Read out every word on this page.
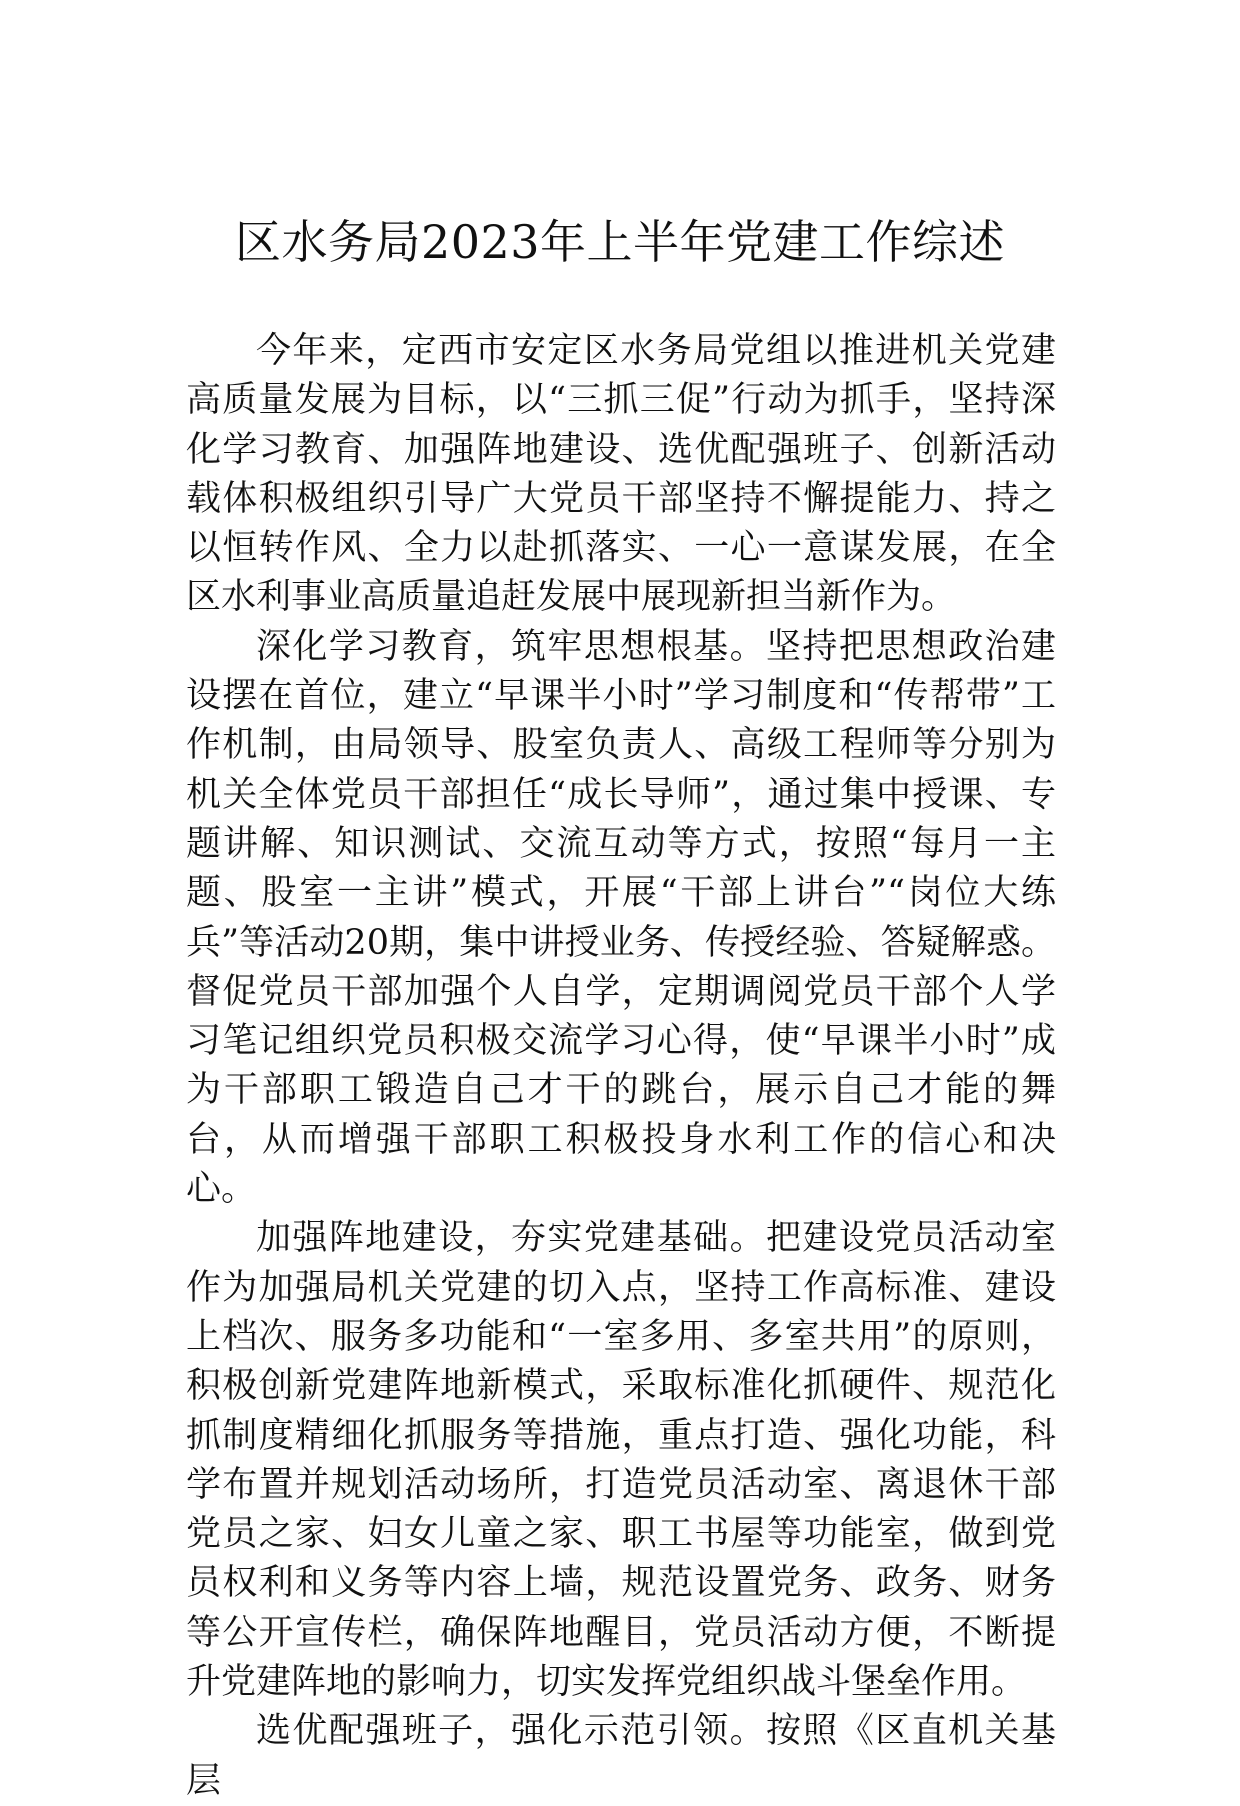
区水务局2023年上半年党建工作综述

今年来，定西市安定区水务局党组以推进机关党建高质量发展为目标，以“三抓三促”行动为抓手，坚持深化学习教育、加强阵地建设、选优配强班子、创新活动载体积极组织引导广大党员干部坚持不懈提能力、持之以恒转作风、全力以赴抓落实、一心一意谋发展，在全区水利事业高质量追赶发展中展现新担当新作为。

深化学习教育，筑牢思想根基。坚持把思想政治建设摆在首位，建立“早课半小时”学习制度和“传帮带”工作机制，由局领导、股室负责人、高级工程师等分别为机关全体党员干部担任“成长导师”，通过集中授课、专题讲解、知识测试、交流互动等方式，按照“每月一主题、股室一主讲”模式，开展“干部上讲台”“岗位大练兵”等活动20期，集中讲授业务、传授经验、答疑解惑。督促党员干部加强个人自学，定期调阅党员干部个人学习笔记组织党员积极交流学习心得，使“早课半小时”成为干部职工锻造自己才干的跳台，展示自己才能的舞台，从而增强干部职工积极投身水利工作的信心和决心。

加强阵地建设，夯实党建基础。把建设党员活动室作为加强局机关党建的切入点，坚持工作高标准、建设上档次、服务多功能和“一室多用、多室共用”的原则，积极创新党建阵地新模式，采取标准化抓硬件、规范化抓制度精细化抓服务等措施，重点打造、强化功能，科学布置并规划活动场所，打造党员活动室、离退休干部党员之家、妇女儿童之家、职工书屋等功能室，做到党员权利和义务等内容上墙，规范设置党务、政务、财务等公开宣传栏，确保阵地醒目，党员活动方便，不断提升党建阵地的影响力，切实发挥党组织战斗堡垒作用。

选优配强班子，强化示范引领。按照《区直机关基层
